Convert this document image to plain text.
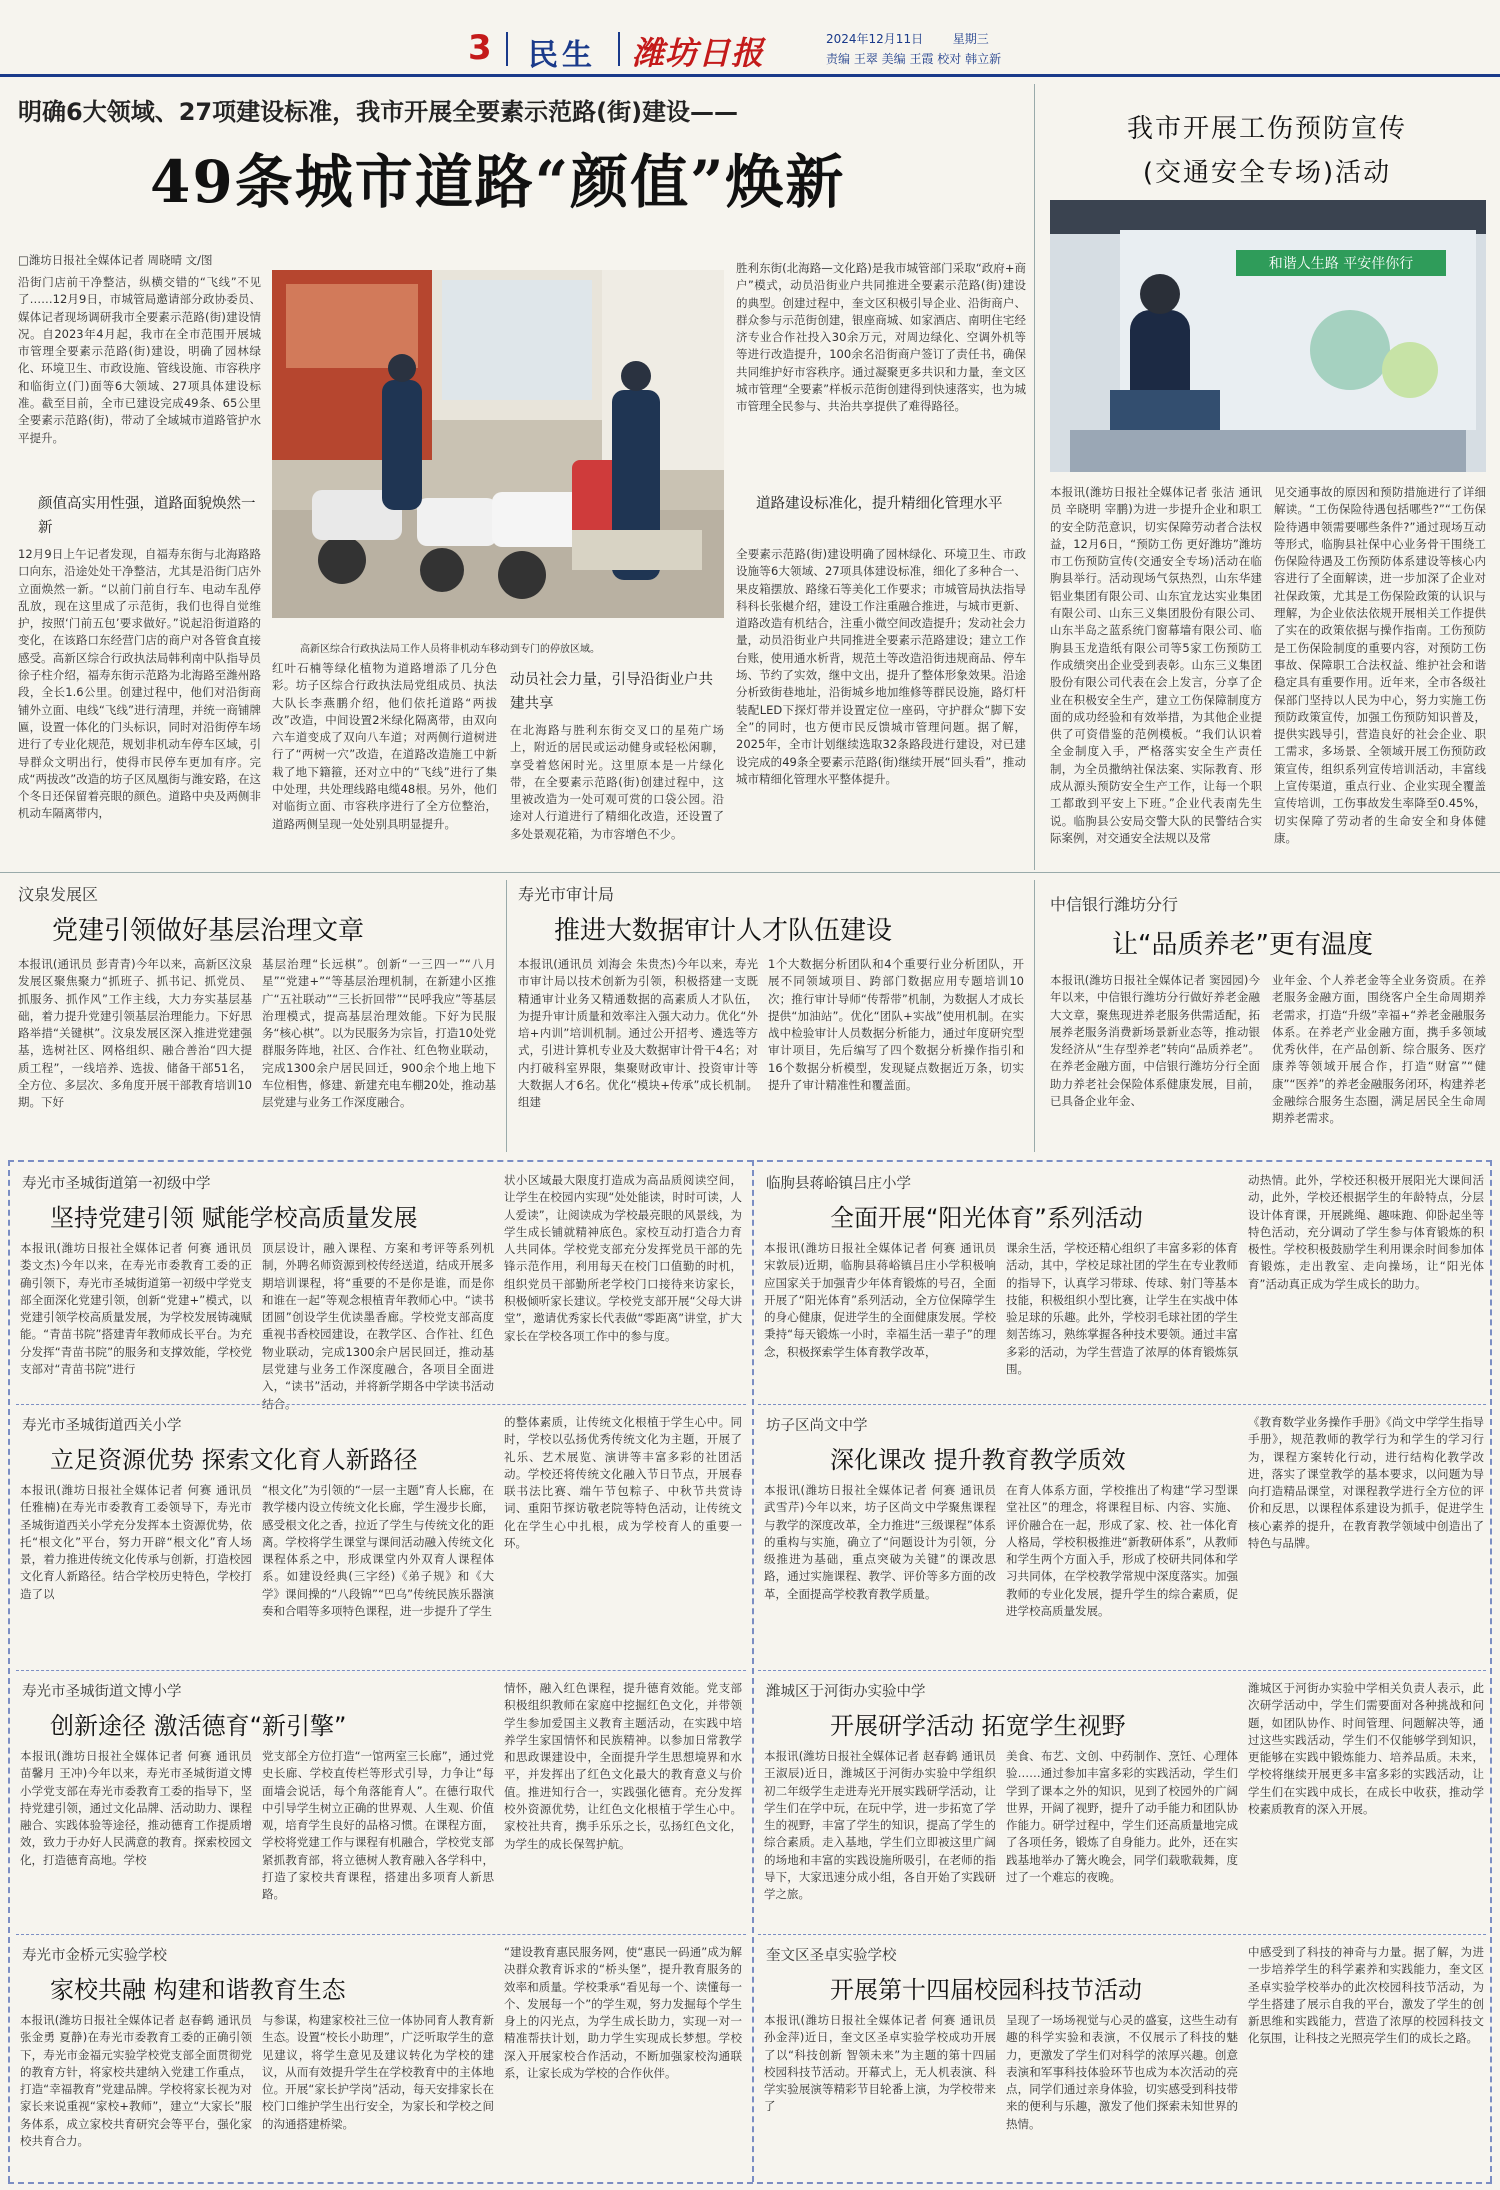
3 民生 潍坊日报	2024年12月11日 星期三
责编 王翠 美编 王霞 校对 韩立新
明确6大领域、27项建设标准，我市开展全要素示范路(街)建设——
49条城市道路“颜值”焕新
□潍坊日报社全媒体记者 周晓晴 文/图
沿街门店前干净整洁，纵横交错的“飞线”不见了……12月9日，市城管局邀请部分政协委员、媒体记者现场调研我市全要素示范路(街)建设情况。自2023年4月起，我市在全市范围开展城市管理全要素示范路(街)建设，明确了园林绿化、环境卫生、市政设施、管线设施、市容秩序和临街立(门)面等6大领域、27项具体建设标准。截至目前，全市已建设完成49条、65公里全要素示范路(街)，带动了全域城市道路管护水平提升。
颜值高实用性强，道路面貌焕然一新
12月9日上午记者发现，自福寿东街与北海路路口向东，沿途处处干净整洁，尤其是沿街门店外立面焕然一新。“以前门前自行车、电动车乱停乱放，现在这里成了示范街，我们也得自觉维护，按照‘门前五包’要求做好。”说起沿街道路的变化，在该路口东经营门店的商户对各管食直接感受。高新区综合行政执法局韩利南中队指导员徐子柱介绍，福寿东街示范路为北海路至潍州路段，全长1.6公里。创建过程中，他们对沿街商铺外立面、电线“飞线”进行清理，并统一商铺牌匾，设置一体化的门头标识，同时对沿街停车场进行了专业化规范，规划非机动车停车区域，引导群众文明出行，使得市民停车更加有序。完成“两拔改”改造的坊子区凤凰街与潍安路，在这个冬日还保留着亮眼的颜色。道路中央及两侧非机动车隔离带内，
高新区综合行政执法局工作人员将非机动车移动到专门的停放区域。
红叶石楠等绿化植物为道路增添了几分色彩。坊子区综合行政执法局党组成员、执法大队长李燕鹏介绍，他们依托道路“两拔改”改造，中间设置2米绿化隔离带，由双向六车道变成了双向八车道；对两侧行道树进行了“两树一穴”改造，在道路改造施工中新栽了地下籍箍，还对立中的“飞线”进行了集中处理，共处理线路电缆48根。另外，他们对临街立面、市容秩序进行了全方位整治，道路两侧呈现一处处别具明显提升。
动员社会力量，引导沿街业户共建共享
在北海路与胜利东街交叉口的星苑广场上，附近的居民或运动健身或轻松闲聊，享受着悠闲时光。这里原本是一片绿化带，在全要素示范路(街)创建过程中，这里被改造为一处可观可赏的口袋公园。沿途对人行道进行了精细化改造，还设置了多处景观花箱，为市容增色不少。
胜利东街(北海路—文化路)是我市城管部门采取“政府+商户”模式，动员沿街业户共同推进全要素示范路(街)建设的典型。创建过程中，奎文区积极引导企业、沿街商户、群众参与示范街创建，银座商城、如家酒店、南明住宅经济专业合作社投入30余万元，对周边绿化、空调外机等等进行改造提升，100余名沿街商户签订了责任书，确保共同维护好市容秩序。通过凝聚更多共识和力量，奎文区城市管理“全要素”样板示范街创建得到快速落实，也为城市管理全民参与、共治共享提供了难得路径。
道路建设标准化，提升精细化管理水平
全要素示范路(街)建设明确了园林绿化、环境卫生、市政设施等6大领域、27项具体建设标准，细化了多种合一、果皮箱摆放、路缘石等美化工作要求；市城管局执法指导科科长张樾介绍，建设工作注重融合推进，与城市更新、道路改造有机结合，注重小微空间改造提升；发动社会力量，动员沿街业户共同推进全要素示范路建设；建立工作台账，使用通水析背，规范土等改造沿街违规商品、停车场、节约了实效，继中文出，提升了整体形象效果。沿途分析致街巷地址，沿街城乡地加维修等群民设施，路灯杆装配LED下探灯带并设置定位一座码，守护群众“脚下安全”的同时，也方便市民反馈城市管理问题。据了解，2025年，全市计划继续选取32条路段进行建设，对已建设完成的49条全要素示范路(街)继续开展“回头看”，推动城市精细化管理水平整体提升。
我市开展工伤预防宣传
(交通安全专场)活动
和谐人生路 平安伴你行
本报讯(潍坊日报社全媒体记者 张洁 通讯员 辛晓明 宰鹏)为进一步提升企业和职工的安全防范意识，切实保障劳动者合法权益，12月6日，“预防工伤 更好潍坊”潍坊市工伤预防宣传(交通安全专场)活动在临朐县举行。活动现场气氛热烈，山东华建铝业集团有限公司、山东宜龙达实业集团有限公司、山东三义集团股份有限公司、山东半岛之蓝系统门窗幕墙有限公司、临朐县玉龙造纸有限公司等5家工伤预防工作成绩突出企业受到表彰。山东三义集团股份有限公司代表在会上发言，分享了企业在积极安全生产，建立工伤保障制度方面的成功经验和有效举措，为其他企业提供了可资借鉴的范例模板。“我们认识着全金制度入手，严格落实安全生产责任制，为全员撒纳社保法案、实际教育、形成从源头预防安全生产工作，让每一个职工都敢到平安上下班。”企业代表南先生说。临朐县公安局交警大队的民警结合实际案例，对交通安全法规以及常
见交通事故的原因和预防措施进行了详细解读。“工伤保险待遇包括哪些?”“工伤保险待遇申领需要哪些条件?”通过现场互动等形式，临朐县社保中心业务骨干围绕工伤保险待遇及工伤预防体系建设等核心内容进行了全面解读，进一步加深了企业对社保政策，尤其是工伤保险政策的认识与理解，为企业依法依规开展相关工作提供了实在的政策依据与操作指南。工伤预防是工伤保险制度的重要内容，对预防工伤事故、保障职工合法权益、维护社会和谐稳定具有重要作用。近年来，全市各级社保部门坚持以人民为中心，努力实施工伤预防政策宣传，加强工伤预防知识普及，提供实践导引，营造良好的社会企业、职工需求，多场景、全领域开展工伤预防政策宣传，组织系列宣传培训活动，丰富线上宣传渠道，重点行业、企业实现全覆盖宣传培训，工伤事故发生率降至0.45%，切实保障了劳动者的生命安全和身体健康。
汶泉发展区
党建引领做好基层治理文章
本报讯(通讯员 彭青青)今年以来，高新区汶泉发展区聚焦聚力“抓班子、抓书记、抓党员、抓服务、抓作风”工作主线，大力夯实基层基础，着力提升党建引领基层治理能力。下好思路举措“关键棋”。汶泉发展区深入推进党建强基，选树社区、网格组织、融合善治“四大提质工程”，一线培养、选拔、储备干部51名，全方位、多层次、多角度开展干部教育培训10期。下好
基层治理“长远棋”。创新“一三四一”“八月星”“党建+”“等基层治理机制，在新建小区推广“五社联动”“三长折回带”“民呼我应”等基层治理模式，提高基层治理效能。下好为民服务“核心棋”。以为民服务为宗旨，打造10处党群服务阵地，社区、合作社、红色物业联动，完成1300余户居民回迁，900余个地上地下车位相售，修建、新建充电车棚20处，推动基层党建与业务工作深度融合。
寿光市审计局
推进大数据审计人才队伍建设
本报讯(通讯员 刘海会 朱贵杰)今年以来，寿光市审计局以技术创新为引领，积极搭建一支既精通审计业务又精通数据的高素质人才队伍，为提升审计质量和效率注入强大动力。优化“外培+内训”培训机制。通过公开招考、遴选等方式，引进计算机专业及大数据审计骨干4名；对内打破科室界限，集聚财政审计、投资审计等大数据人才6名。优化“模块+传承”成长机制。组建
1个大数据分析团队和4个重要行业分析团队，开展不同领域项目、跨部门数据应用专题培训10次；推行审计导师“传帮带”机制，为数据人才成长提供“加油站”。优化“团队+实战”使用机制。在实战中检验审计人员数据分析能力，通过年度研究型审计项目，先后编写了四个数据分析操作指引和16个数据分析模型，发现疑点数据近万条，切实提升了审计精准性和覆盖面。
中信银行潍坊分行
让“品质养老”更有温度
本报讯(潍坊日报社全媒体记者 窦园园)今年以来，中信银行潍坊分行做好养老金融大文章，聚焦现进养老服务供需适配，拓展养老服务消费新场景新业态等，推动银发经济从“生存型养老”转向“品质养老”。在养老金融方面，中信银行潍坊分行全面助力养老社会保险体系健康发展，目前，已具备企业年金、
业年金、个人养老金等全业务资质。在养老服务金融方面，围绕客户全生命周期养老需求，打造“升级”幸福+“养老金融服务体系。在养老产业金融方面，携手多领域优秀伙伴，在产品创新、综合服务、医疗康养等领域开展合作，打造“财富”“健康”“医养”的养老金融服务闭环，构建养老金融综合服务生态圈，满足居民全生命周期养老需求。
寿光市圣城街道第一初级中学
坚持党建引领 赋能学校高质量发展
本报讯(潍坊日报社全媒体记者 何赛 通讯员 娄文杰)今年以来，在寿光市委教育工委的正确引领下，寿光市圣城街道第一初级中学党支部全面深化党建引领，创新“党建+”模式，以党建引领学校高质量发展，为学校发展铸魂赋能。“青苗书院”搭建青年教师成长平台。为充分发挥“青苗书院”的服务和支撑效能，学校党支部对“青苗书院”进行
顶层设计，融入课程、方案和考评等系列机制，外聘名师资源到校传经送道，结成开展多期培训课程，将“重要的不是你是谁，而是你和谁在一起”等观念根植青年教师心中。“读书团圆”创设学生优读墨香廊。学校党支部高度重视书香校园建设，在教学区、合作社、红色物业联动，完成1300余户居民回迁，推动基层党建与业务工作深度融合，各项目全面进入，“读书”活动，并将新学期各中学读书活动结合。
状小区域最大限度打造成为高品质阅读空间，让学生在校园内实现“处处能读，时时可读，人人爱读”，让阅读成为学校最亮眼的风景线，为学生成长铺就精神底色。家校互动打造合力育人共同体。学校党支部充分发挥党员干部的先锋示范作用，利用每天在校门口值勤的时机，组织党员干部勤所老学校门口接待来访家长，积极倾听家长建议。学校党支部开展“父母大讲堂”，邀请优秀家长代表做“零距离”讲堂，扩大家长在学校各项工作中的参与度。
寿光市圣城街道西关小学
立足资源优势 探索文化育人新路径
本报讯(潍坊日报社全媒体记者 何赛 通讯员 任雅楠)在寿光市委教育工委领导下，寿光市圣城街道西关小学充分发挥本土资源优势，依托“根文化”平台，努力开辟“根文化”育人场景，着力推进传统文化传承与创新，打造校园文化育人新路径。结合学校历史特色，学校打造了以
“根文化”为引领的“一层一主题”育人长廊，在教学楼内设立传统文化长廊，学生漫步长廊，感受根文化之香，拉近了学生与传统文化的距离。学校将学生课堂与课间活动融入传统文化课程体系之中，形成课堂内外双育人课程体系。如建设经典(三字经)《弟子规》和《大学》课间操的“八段锦”“巴乌”传统民族乐器演奏和合唱等多项特色课程，进一步提升了学生
的整体素质，让传统文化根植于学生心中。同时，学校以弘扬优秀传统文化为主题，开展了礼乐、艺术展览、演讲等丰富多彩的社团活动。学校还将传统文化融入节日节点，开展春联书法比赛、端午节包粽子、中秋节共赏诗词、重阳节探访敬老院等特色活动，让传统文化在学生心中扎根，成为学校育人的重要一环。
寿光市圣城街道文博小学
创新途径 激活德育“新引擎”
本报讯(潍坊日报社全媒体记者 何赛 通讯员 苗馨月 王冲)今年以来，寿光市圣城街道文博小学党支部在寿光市委教育工委的指导下，坚持党建引领，通过文化品牌、活动助力、课程融合、实践体验等途径，推动德育工作提质增效，致力于办好人民满意的教育。探索校园文化，打造德育高地。学校
党支部全方位打造“一馆两室三长廊”，通过党史长廊、学校直传栏等形式引导，力争让“每面墙会说话，每个角落能育人”。在德行取代中引导学生树立正确的世界观、人生观、价值观，培育学生良好的品格习惯。在课程方面，学校将党建工作与课程有机融合，学校党支部紧抓教育部，将立德树人教育融入各学科中，打造了家校共育课程，搭建出多项育人新思路。
情怀，融入红色课程，提升德育效能。党支部积极组织教师在家庭中挖掘红色文化，并带领学生参加爱国主义教育主题活动，在实践中培养学生家国情怀和民族精神。以参加日常教学和思政课建设中，全面提升学生思想境界和水平，并发挥出了红色文化最大的教育意义与价值。推进知行合一，实践强化德育。充分发挥校外资源优势，让红色文化根植于学生心中。家校社共育，携手乐乐之长，弘扬红色文化，为学生的成长保驾护航。
寿光市金桥元实验学校
家校共融 构建和谐教育生态
本报讯(潍坊日报社全媒体记者 赵春鹤 通讯员 张金勇 夏静)在寿光市委教育工委的正确引领下，寿光市金福元实验学校党支部全面贯彻党的教育方针，将家校共建纳入党建工作重点，打造“幸福教育”党建品牌。学校将家长视为对家长来说重视“家校+教师”，建立“大家长”服务体系，成立家校共育研究会等平台，强化家校共育合力。
与参谋，构建家校社三位一体协同育人教育新生态。设置“校长小助理”，广泛听取学生的意见建议，将学生意见及建议转化为学校的建议，从而有效提升学生在学校教育中的主体地位。开展“家长护学岗”活动，每天安排家长在校门口维护学生出行安全，为家长和学校之间的沟通搭建桥梁。
“建设教育惠民服务网，使“惠民一码通”成为解决群众教育诉求的“桥头堡”，提升教育服务的效率和质量。学校秉承“看见每一个、读懂每一个、发展每一个”的学生观，努力发掘每个学生身上的闪光点，为学生成长助力，实现一对一精准帮扶计划，助力学生实现成长梦想。学校深入开展家校合作活动，不断加强家校沟通联系，让家长成为学校的合作伙伴。
临朐县蒋峪镇吕庄小学
全面开展“阳光体育”系列活动
本报讯(潍坊日报社全媒体记者 何赛 通讯员 宋敦辰)近期，临朐县蒋峪镇吕庄小学积极响应国家关于加强青少年体育锻炼的号召，全面开展了“阳光体育”系列活动，全方位保障学生的身心健康，促进学生的全面健康发展。学校秉持“每天锻炼一小时，幸福生活一辈子”的理念，积极探索学生体育教学改革，
课余生活，学校还精心组织了丰富多彩的体育活动，其中，学校足球社团的学生在专业教师的指导下，认真学习带球、传球、射门等基本技能，积极组织小型比赛，让学生在实战中体验足球的乐趣。此外，学校羽毛球社团的学生刻苦练习，熟练掌握各种技术要领。通过丰富多彩的活动，为学生营造了浓厚的体育锻炼氛围。
动热情。此外，学校还积极开展阳光大课间活动，此外，学校还根据学生的年龄特点，分层设计体育课，开展跳绳、趣味跑、仰卧起坐等特色活动，充分调动了学生参与体育锻炼的积极性。学校积极鼓励学生利用课余时间参加体育锻炼，走出教室、走向操场，让“阳光体育”活动真正成为学生成长的助力。
坊子区尚文中学
深化课改 提升教育教学质效
本报讯(潍坊日报社全媒体记者 何赛 通讯员 武雪芹)今年以来，坊子区尚文中学聚焦课程与教学的深度改革，全力推进“三级课程”体系的重构与实施，确立了“问题设计为引领，分级推进为基础，重点突破为关键”的课改思路，通过实施课程、教学、评价等多方面的改革，全面提高学校教育教学质量。
在育人体系方面，学校推出了构建“学习型课堂社区”的理念，将课程目标、内容、实施、评价融合在一起，形成了家、校、社一体化育人格局，学校积极推进“新教研体系”，从教师和学生两个方面入手，形成了校研共同体和学习共同体，在学校教学常规中深度落实。加强教师的专业化发展，提升学生的综合素质，促进学校高质量发展。
《教育数学业务操作手册》《尚文中学学生指导手册》，规范教师的教学行为和学生的学习行为，课程方案转化行动，进行结构化教学改进，落实了课堂教学的基本要求，以问题为导向打造精品课堂，对课程教学进行全方位的评价和反思，以课程体系建设为抓手，促进学生核心素养的提升，在教育教学领域中创造出了特色与品牌。
潍城区于河街办实验中学
开展研学活动 拓宽学生视野
本报讯(潍坊日报社全媒体记者 赵春鹤 通讯员 王淑辰)近日，潍城区于河街办实验中学组织初二年级学生走进寿光开展实践研学活动，让学生们在学中玩，在玩中学，进一步拓宽了学生的视野，丰富了学生的知识，提高了学生的综合素质。走入基地，学生们立即被这里广阔的场地和丰富的实践设施所吸引，在老师的指导下，大家迅速分成小组，各自开始了实践研学之旅。
美食、布艺、文创、中药制作、烹饪、心理体验……通过参加丰富多彩的实践活动，学生们学到了课本之外的知识，见到了校园外的广阔世界，开阔了视野，提升了动手能力和团队协作能力。研学过程中，学生们还高质量地完成了各项任务，锻炼了自身能力。此外，还在实践基地举办了篝火晚会，同学们载歌载舞，度过了一个难忘的夜晚。
潍城区于河街办实验中学相关负责人表示，此次研学活动中，学生们需要面对各种挑战和问题，如团队协作、时间管理、问题解决等，通过这些实践活动，学生们不仅能够学到知识，更能够在实践中锻炼能力、培养品质。未来，学校将继续开展更多丰富多彩的实践活动，让学生们在实践中成长，在成长中收获，推动学校素质教育的深入开展。
奎文区圣卓实验学校
开展第十四届校园科技节活动
本报讯(潍坊日报社全媒体记者 何赛 通讯员 孙金萍)近日，奎文区圣卓实验学校成功开展了以“科技创新 智领未来”为主题的第十四届校园科技节活动。开幕式上，无人机表演、科学实验展演等精彩节目轮番上演，为学校带来了
呈现了一场场视觉与心灵的盛宴，这些生动有趣的科学实验和表演，不仅展示了科技的魅力，更激发了学生们对科学的浓厚兴趣。创意表演和军事科技体验环节也成为本次活动的亮点，同学们通过亲身体验，切实感受到科技带来的便利与乐趣，激发了他们探索未知世界的热情。
中感受到了科技的神奇与力量。据了解，为进一步培养学生的科学素养和实践能力，奎文区圣卓实验学校举办的此次校园科技节活动，为学生搭建了展示自我的平台，激发了学生的创新思维和实践能力，营造了浓厚的校园科技文化氛围，让科技之光照亮学生们的成长之路。
